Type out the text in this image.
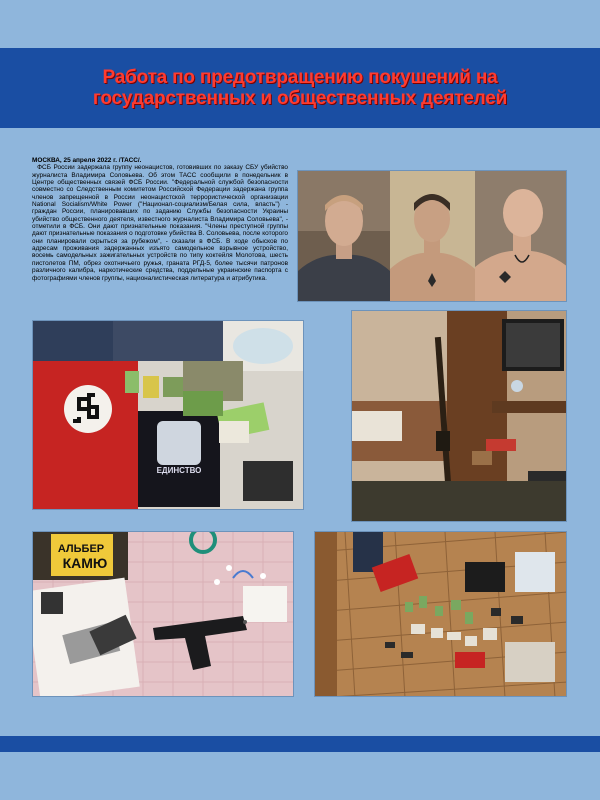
Работа по предотвращению покушений на
государственных и общественных деятелей

МОСКВА, 25 апреля 2022 г. /ТАСС/.
ФСБ России задержала группу неонацистов, готовивших по заказу СБУ убийство журналиста Владимира Соловьева. Об этом ТАСС сообщили в понедельник в Центре общественных связей ФСБ России. "Федеральной службой безопасности совместно со Следственным комитетом Российской Федерации задержана группа членов запрещенной в России неонацистской террористической организации National Socialism/White Power ("Национал-социализм/Белая сила, власть") - граждан России, планировавших по заданию Службы безопасности Украины убийство общественного деятеля, известного журналиста Владимира Соловьева", - отметили в ФСБ. Они дают признательные показания. "Члены преступной группы дают признательные показания о подготовке убийства В. Соловьева, после которого они планировали скрыться за рубежом", - сказали в ФСБ. В ходе обысков по адресам проживания задержанных изъято самодельное взрывное устройство, восемь самодельных зажигательных устройств по типу коктейля Молотова, шесть пистолетов ПМ, обрез охотничьего ружья, граната РГД-5, более тысячи патронов различного калибра, наркотические средства, поддельные украинские паспорта с фотографиями членов группы, националистическая литература и атрибутика.

ЕДИНСТВО
АЛЬБЕР
КАМЮ
